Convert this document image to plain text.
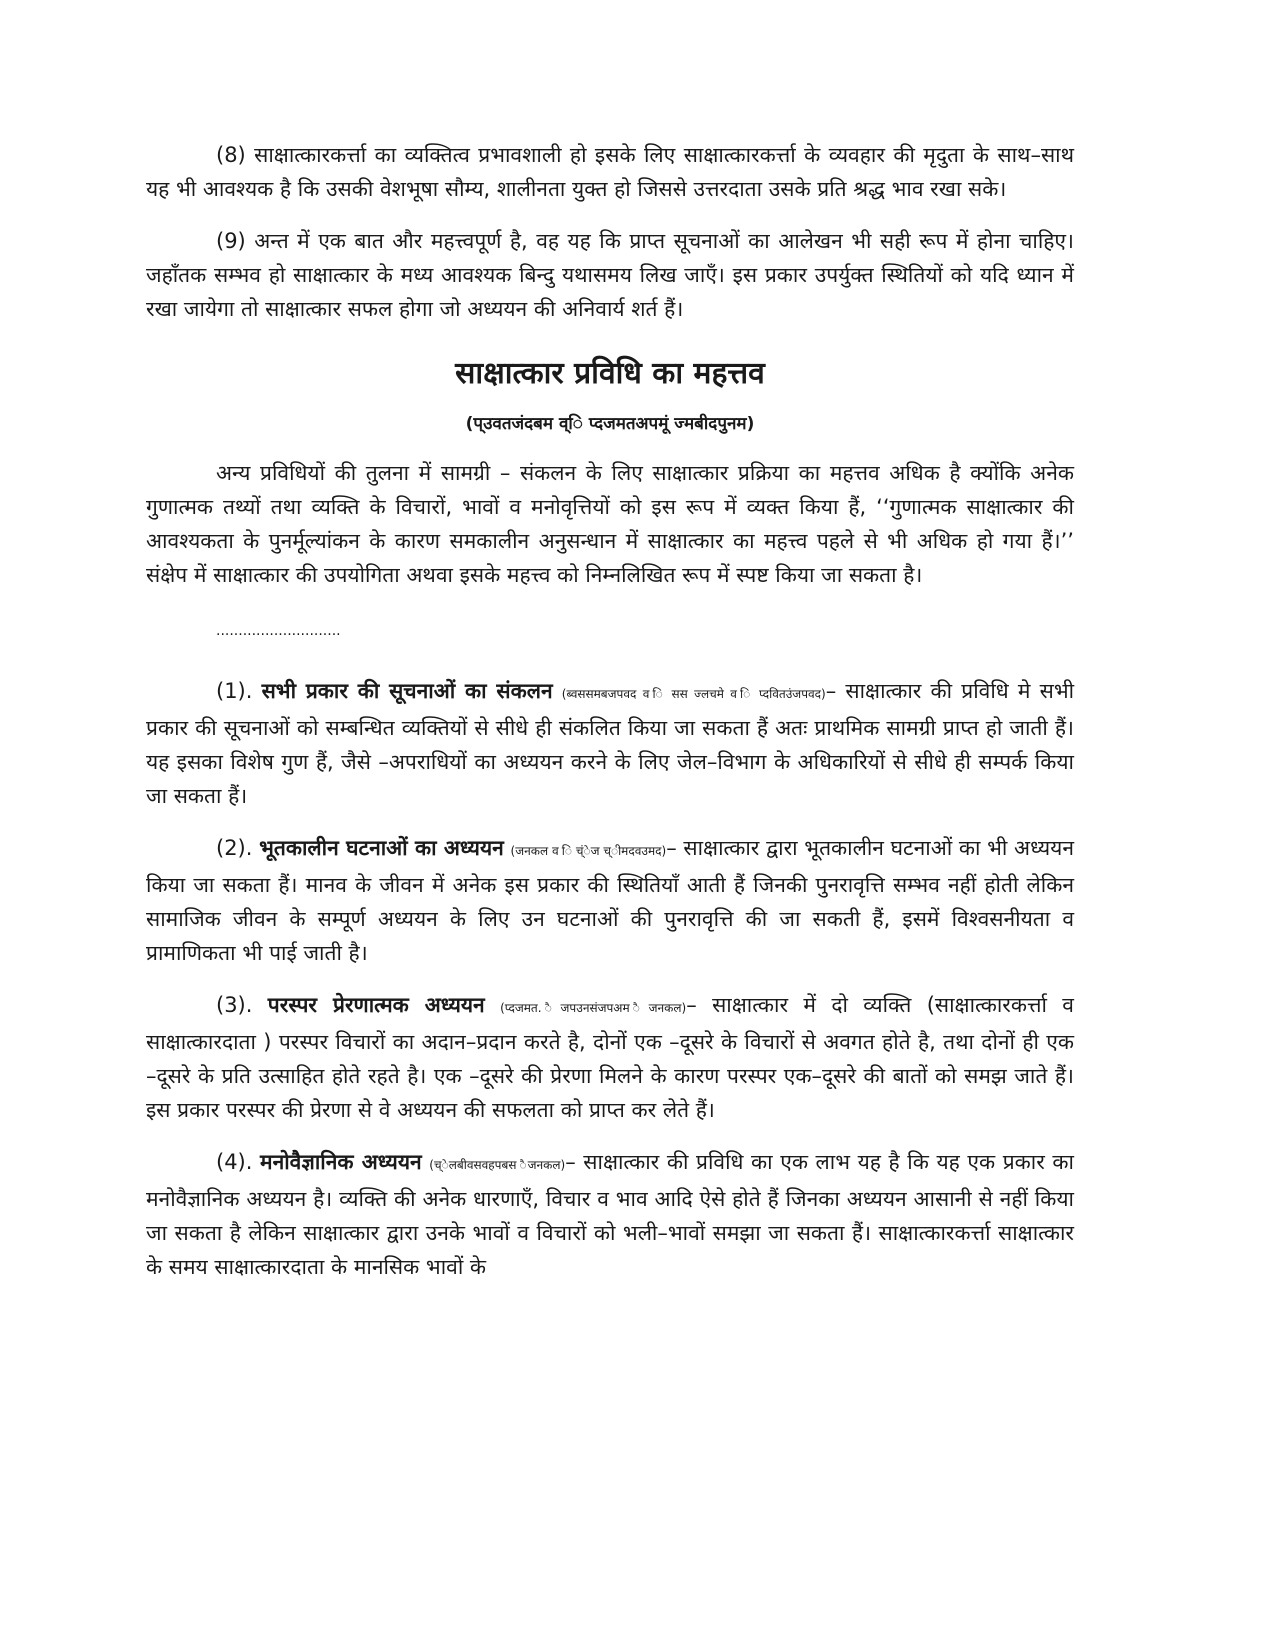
(8) साक्षात्कारकर्त्ता का व्यक्तित्व प्रभावशाली हो इसके लिए साक्षात्कारकर्त्ता के व्यवहार की मृदुता के साथ–साथ यह भी आवश्यक है कि उसकी वेशभूषा सौम्य, शालीनता युक्त हो जिससे उत्तरदाता उसके प्रति श्रद्ध भाव रखा सके।

(9) अन्त में एक बात और महत्त्वपूर्ण है, वह यह कि प्राप्त सूचनाओं का आलेखन भी सही रूप में होना चाहिए। जहाँतक सम्भव हो साक्षात्कार के मध्य आवश्यक बिन्दु यथासमय लिख जाएँ। इस प्रकार उपर्युक्त स्थितियों को यदि ध्यान में रखा जायेगा तो साक्षात्कार सफल होगा जो अध्ययन की अनिवार्य शर्त हैं।

साक्षात्कार प्रविधि का महत्तव
(प्उवतजंदबम व्ि प्दजमतअपमूं ज्मबीदपुनम)

अन्य प्रविधियों की तुलना में सामग्री – संकलन के लिए साक्षात्कार प्रक्रिया का महत्तव अधिक है क्योंकि अनेक गुणात्मक तथ्यों तथा व्यक्ति के विचारों, भावों व मनोवृत्तियों को इस रूप में व्यक्त किया हैं, ‘‘गुणात्मक साक्षात्कार की आवश्यकता के पुनर्मूल्यांकन के कारण समकालीन अनुसन्धान में साक्षात्कार का महत्त्व पहले से भी अधिक हो गया हैं।’’ संक्षेप में साक्षात्कार की उपयोगिता अथवा इसके महत्त्व को निम्नलिखित रूप में स्पष्ट किया जा सकता है।

............................

(1). सभी प्रकार की सूचनाओं का संकलन (ब्वससमबजपवद व ि सस ज्लचमे व ि प्दवितउंजपवद)– साक्षात्कार की प्रविधि मे सभी प्रकार की सूचनाओं को सम्बन्धित व्यक्तियों से सीधे ही संकलित किया जा सकता हैं अतः प्राथमिक सामग्री प्राप्त हो जाती हैं। यह इसका विशेष गुण हैं, जैसे –अपराधियों का अध्ययन करने के लिए जेल–विभाग के अधिकारियों से सीधे ही सम्पर्क किया जा सकता हैं।

(2). भूतकालीन घटनाओं का अध्ययन (जनकल व ि च्ंेज च्ीमदवउमद)– साक्षात्कार द्वारा भूतकालीन घटनाओं का भी अध्ययन किया जा सकता हैं। मानव के जीवन में अनेक इस प्रकार की स्थितियाँ आती हैं जिनकी पुनरावृत्ति सम्भव नहीं होती लेकिन सामाजिक जीवन के सम्पूर्ण अध्ययन के लिए उन घटनाओं की पुनरावृत्ति की जा सकती हैं, इसमें विश्वसनीयता व प्रामाणिकता भी पाई जाती है।

(3). परस्पर प्रेरणात्मक अध्ययन (प्दजमत. ैजपउनसंजपअम ैजनकल)– साक्षात्कार में दो व्यक्ति (साक्षात्कारकर्त्ता व साक्षात्कारदाता ) परस्पर विचारों का अदान–प्रदान करते है, दोनों एक –दूसरे के विचारों से अवगत होते है, तथा दोनों ही एक –दूसरे के प्रति उत्साहित होते रहते है। एक –दूसरे की प्रेरणा मिलने के कारण परस्पर एक–दूसरे की बातों को समझ जाते हैं। इस प्रकार परस्पर की प्रेरणा से वे अध्ययन की सफलता को प्राप्त कर लेते हैं।

(4). मनोवैज्ञानिक अध्ययन (च्ेलबीवसवहपबस ैजनकल)– साक्षात्कार की प्रविधि का एक लाभ यह है कि यह एक प्रकार का मनोवैज्ञानिक अध्ययन है। व्यक्ति की अनेक धारणाएँ, विचार व भाव आदि ऐसे होते हैं जिनका अध्ययन आसानी से नहीं किया जा सकता है लेकिन साक्षात्कार द्वारा उनके भावों व विचारों को भली–भावों समझा जा सकता हैं। साक्षात्कारकर्त्ता साक्षात्कार के समय साक्षात्कारदाता के मानसिक भावों के
